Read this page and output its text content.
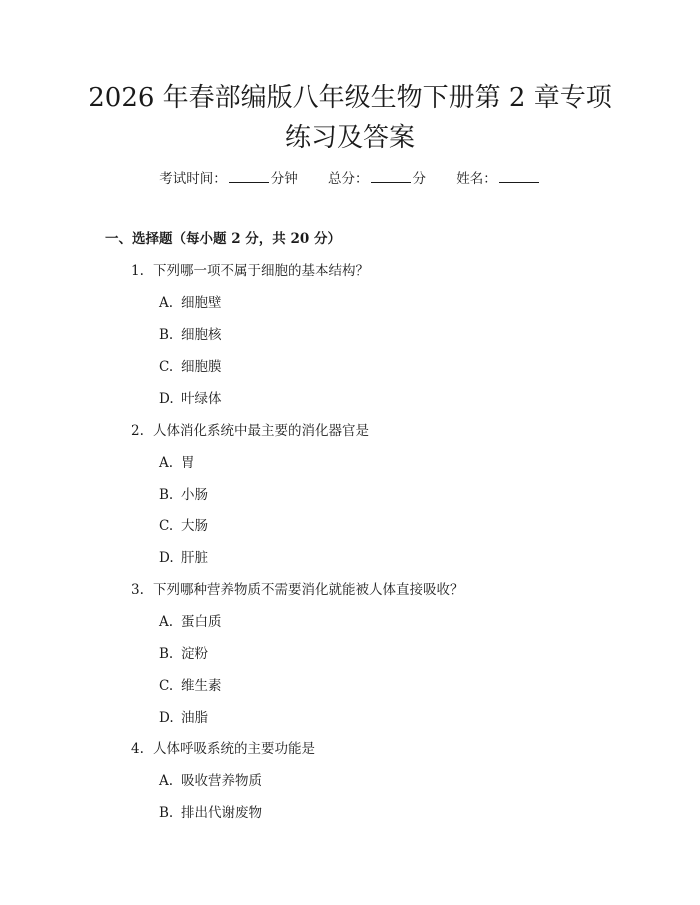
2026 年春部编版八年级生物下册第 2 章专项
练习及答案
考试时间：	分钟 总分：	分 姓名：
一、选择题（每小题 2 分，共 20 分）
1. 下列哪一项不属于细胞的基本结构？
A. 细胞壁
B. 细胞核
C. 细胞膜
D. 叶绿体
2. 人体消化系统中最主要的消化器官是
A. 胃
B. 小肠
C. 大肠
D. 肝脏
3. 下列哪种营养物质不需要消化就能被人体直接吸收？
A. 蛋白质
B. 淀粉
C. 维生素
D. 油脂
4. 人体呼吸系统的主要功能是
A. 吸收营养物质
B. 排出代谢废物
